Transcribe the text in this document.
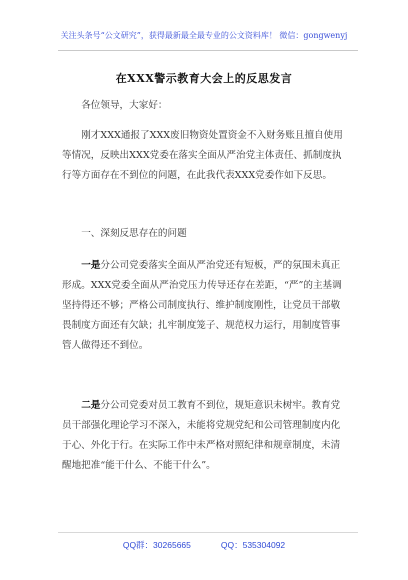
关注头条号“公文研究”，获得最新最全最专业的公文资料库！ 微信：gongwenyj
在XXX警示教育大会上的反思发言
各位领导，大家好：
刚才XXX通报了XXX废旧物资处置资金不入财务账且擅自使用等情况，反映出XXX党委在落实全面从严治党主体责任、抓制度执行等方面存在不到位的问题，在此我代表XXX党委作如下反思。
一、深刻反思存在的问题
一是分公司党委落实全面从严治党还有短板，严的氛围未真正形成。XXX党委全面从严治党压力传导还存在差距，“严”的主基调坚持得还不够；严格公司制度执行、维护制度刚性，让党员干部敬畏制度方面还有欠缺；扎牢制度笼子、规范权力运行，用制度管事管人做得还不到位。
二是分公司党委对员工教育不到位，规矩意识未树牢。教育党员干部强化理论学习不深入，未能将党规党纪和公司管理制度内化于心、外化于行。在实际工作中未严格对照纪律和规章制度，未清醒地把准“能干什么、不能干什么”。
QQ群：30265665	QQ：535304092
